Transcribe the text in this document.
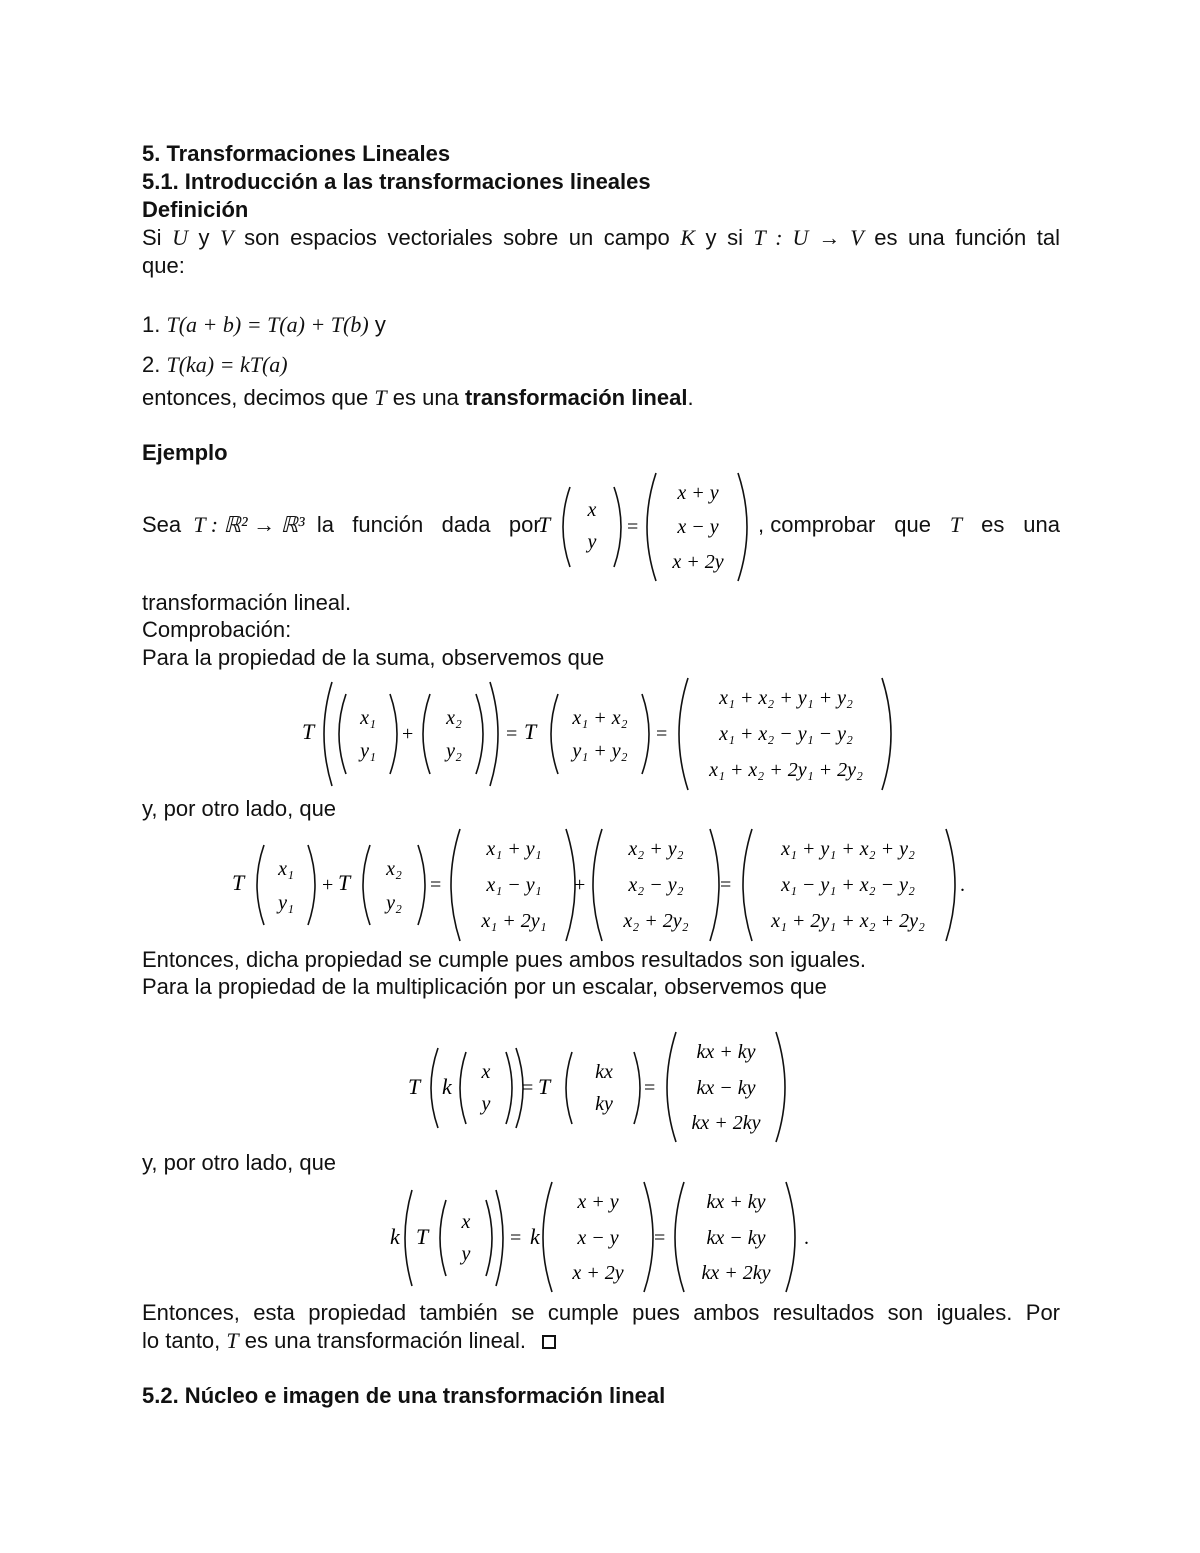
5. Transformaciones Lineales
5.1. Introducción a las transformaciones lineales
Definición
Si U y V son espacios vectoriales sobre un campo K y si T : U → V es una función tal
que:
1. T(a + b) = T(a) + T(b) y
2. T(ka) = kT(a)
entonces, decimos que T es una transformación lineal.
Ejemplo
Sea T : ℝ² → ℝ³ la función dada por
T
x
y
=
x + y
x − y
x + 2y
, comprobar que T es una
transformación lineal.
Comprobación:
Para la propiedad de la suma, observemos que
T
x₁
y₁
+
x₂
y₂
= T
x₁ + x₂
y₁ + y₂
=
x₁ + x₂ + y₁ + y₂
x₁ + x₂ − y₁ − y₂
x₁ + x₂ + 2y₁ + 2y₂
y, por otro lado, que
T
x₁
y₁
+ T
x₂
y₂
=
x₁ + y₁
x₁ − y₁
x₁ + 2y₁
+
x₂ + y₂
x₂ − y₂
x₂ + 2y₂
=
x₁ + y₁ + x₂ + y₂
x₁ − y₁ + x₂ − y₂
x₁ + 2y₁ + x₂ + 2y₂
.
Entonces, dicha propiedad se cumple pues ambos resultados son iguales.
Para la propiedad de la multiplicación por un escalar, observemos que
T k
x
y
= T
kx
ky
=
kx + ky
kx − ky
kx + 2ky
y, por otro lado, que
k T
x
y
= k
x + y
x − y
x + 2y
=
kx + ky
kx − ky
kx + 2ky
.
Entonces, esta propiedad también se cumple pues ambos resultados son iguales. Por
lo tanto, T es una transformación lineal.
5.2. Núcleo e imagen de una transformación lineal
